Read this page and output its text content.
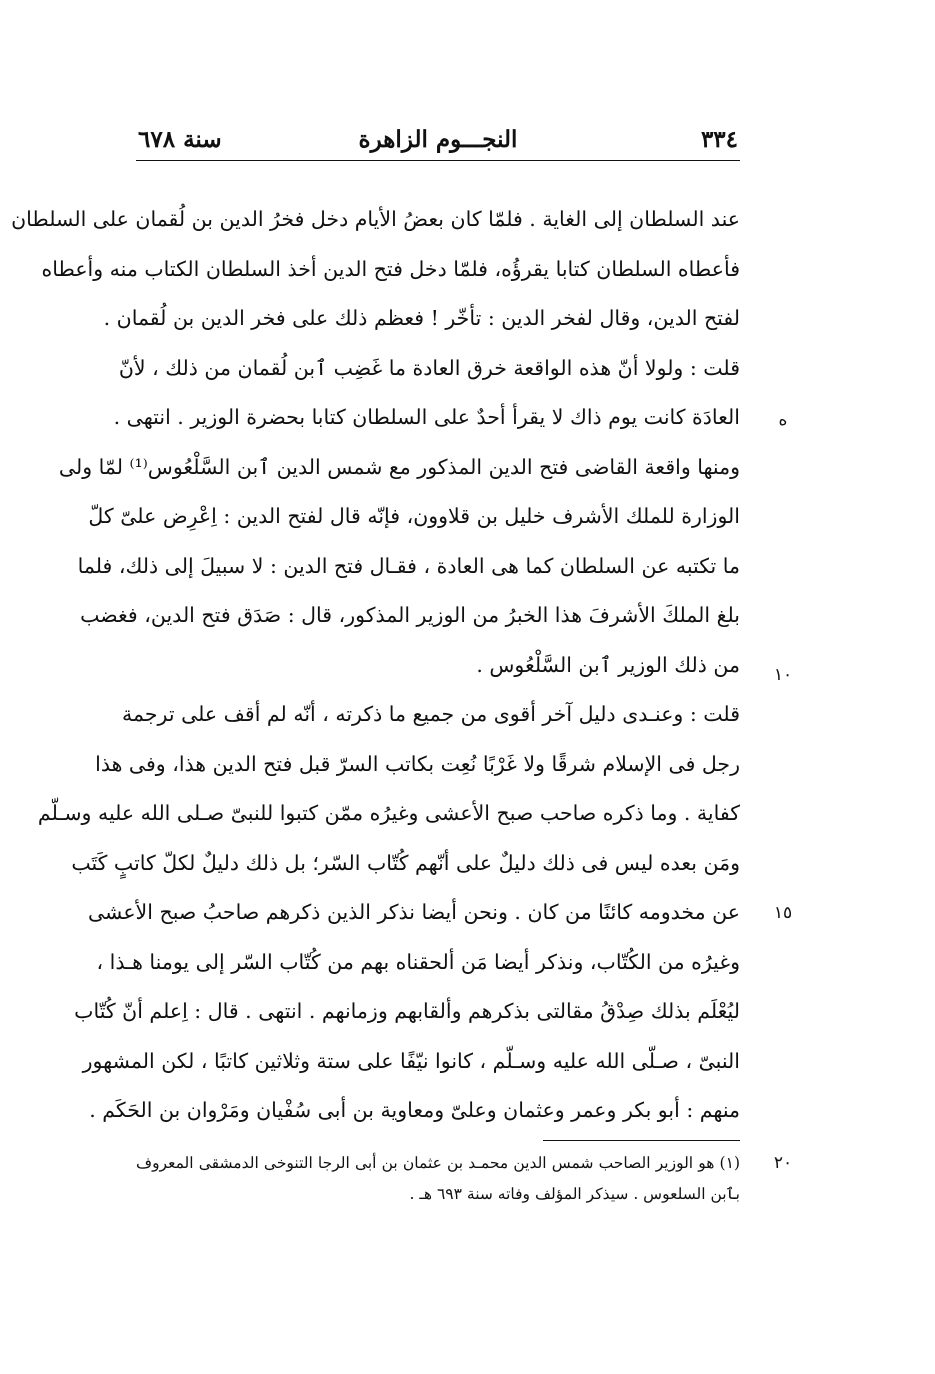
٣٣٤
النجـــوم الزاهرة
سنة ٦٧٨
عند السلطان إلى الغاية . فلمّا كان بعضُ الأيام دخل فخرُ الدين بن لُقمان على السلطان
فأعطاه السلطان كتابا يقرؤُه، فلمّا دخل فتح الدين أخذ السلطان الكتاب منه وأعطاه
لفتح الدين، وقال لفخر الدين : تأخّر ! فعظم ذلك على فخر الدين بن لُقمان .
قلت : ولولا أنّ هذه الواقعة خرق العادة ما غَضِب ٱبن لُقمان من ذلك ، لأنّ
العادَة كانت يوم ذاك لا يقرأ أحدٌ على السلطان كتابا بحضرة الوزير . انتهى .
ومنها واقعة القاضى فتح الدين المذكور مع شمس الدين ٱبن السَّلْعُوس⁽¹⁾ لمّا ولى
الوزارة للملك الأشرف خليل بن قلاوون، فإنّه قال لفتح الدين : اِعْرِض علىّ كلّ
ما تكتبه عن السلطان كما هى العادة ، فقـال فتح الدين : لا سبيلَ إلى ذلك، فلما
بلغ الملكَ الأشرفَ هذا الخبرُ من الوزير المذكور، قال : صَدَق فتح الدين، فغضب
من ذلك الوزير ٱبن السَّلْعُوس .
قلت : وعنـدى دليل آخر أقوى من جميع ما ذكرته ، أنّه لم أقف على ترجمة
رجل فى الإسلام شرقًا ولا غَرْبًا نُعِت بكاتب السرّ قبل فتح الدين هذا، وفى هذا
كفاية . وما ذكره صاحب صبح الأعشى وغيرُه ممّن كتبوا للنبىّ صـلى الله عليه وسـلّم
ومَن بعده ليس فى ذلك دليلٌ على أنّهم كُتّاب السّر؛ بل ذلك دليلٌ لكلّ كاتبٍ كَتَب
عن مخدومه كائنًا من كان . ونحن أيضا نذكر الذين ذكرهم صاحبُ صبح الأعشى
وغيرُه من الكُتّاب، ونذكر أيضا مَن ألحقناه بهم من كُتّاب السّر إلى يومنا هـذا ،
ليُعْلَم بذلك صِدْقُ مقالتى بذكرهم وألقابهم وزمانهم . انتهى . قال : اِعلم أنّ كُتّاب
النبىّ ، صـلّى الله عليه وسـلّم ، كانوا نيّفًا على ستة وثلاثين كاتبًا ، لكن المشهور
منهم : أبو بكر وعمر وعثمان وعلىّ ومعاوية بن أبى سُفْيان ومَرْوان بن الحَكَم .
ه
١٠
١٥
٢٠
(١) هو الوزير الصاحب شمس الدين محمـد بن عثمان بن أبى الرجا التنوخى الدمشقى المعروف
بٱبن السلعوس . سيذكر المؤلف وفاته سنة ٦٩٣ هـ .
